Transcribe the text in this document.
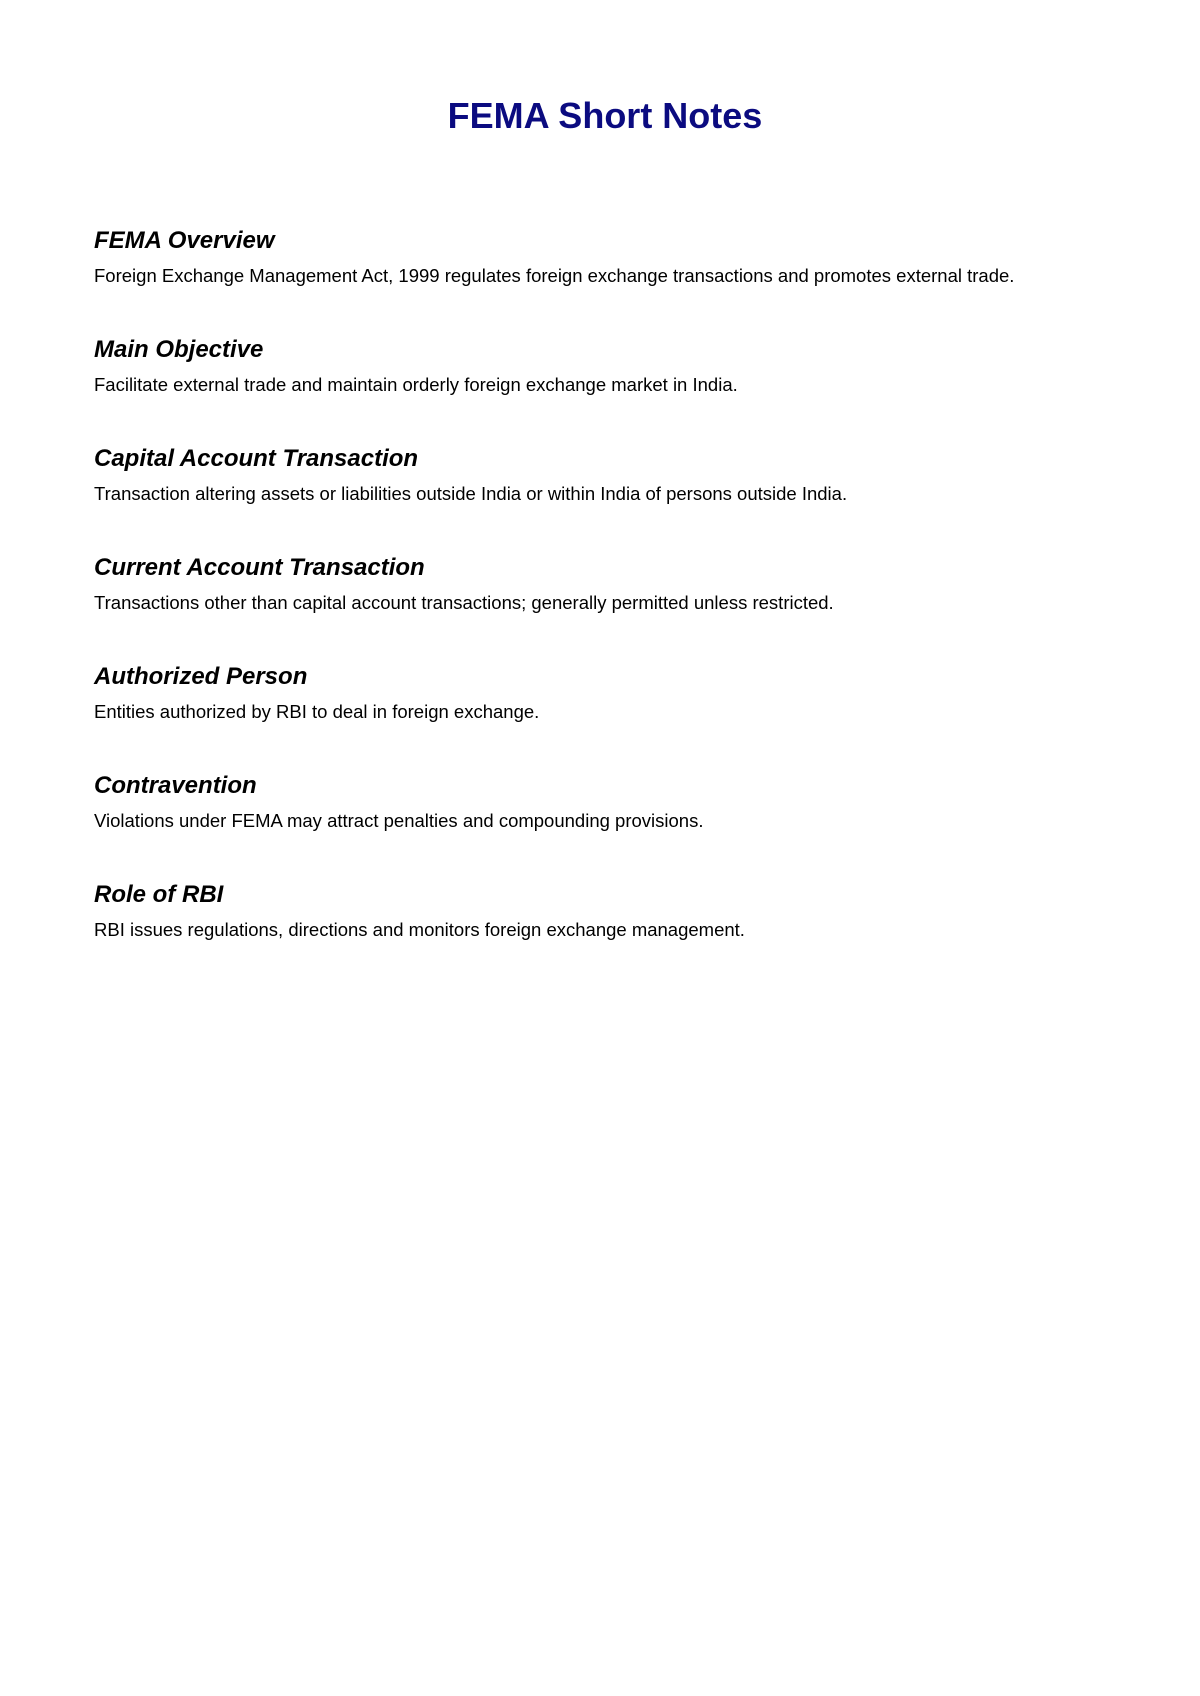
FEMA Short Notes
FEMA Overview

Foreign Exchange Management Act, 1999 regulates foreign exchange transactions and promotes external trade.

Main Objective

Facilitate external trade and maintain orderly foreign exchange market in India.

Capital Account Transaction

Transaction altering assets or liabilities outside India or within India of persons outside India.

Current Account Transaction

Transactions other than capital account transactions; generally permitted unless restricted.

Authorized Person

Entities authorized by RBI to deal in foreign exchange.

Contravention

Violations under FEMA may attract penalties and compounding provisions.

Role of RBI

RBI issues regulations, directions and monitors foreign exchange management.
